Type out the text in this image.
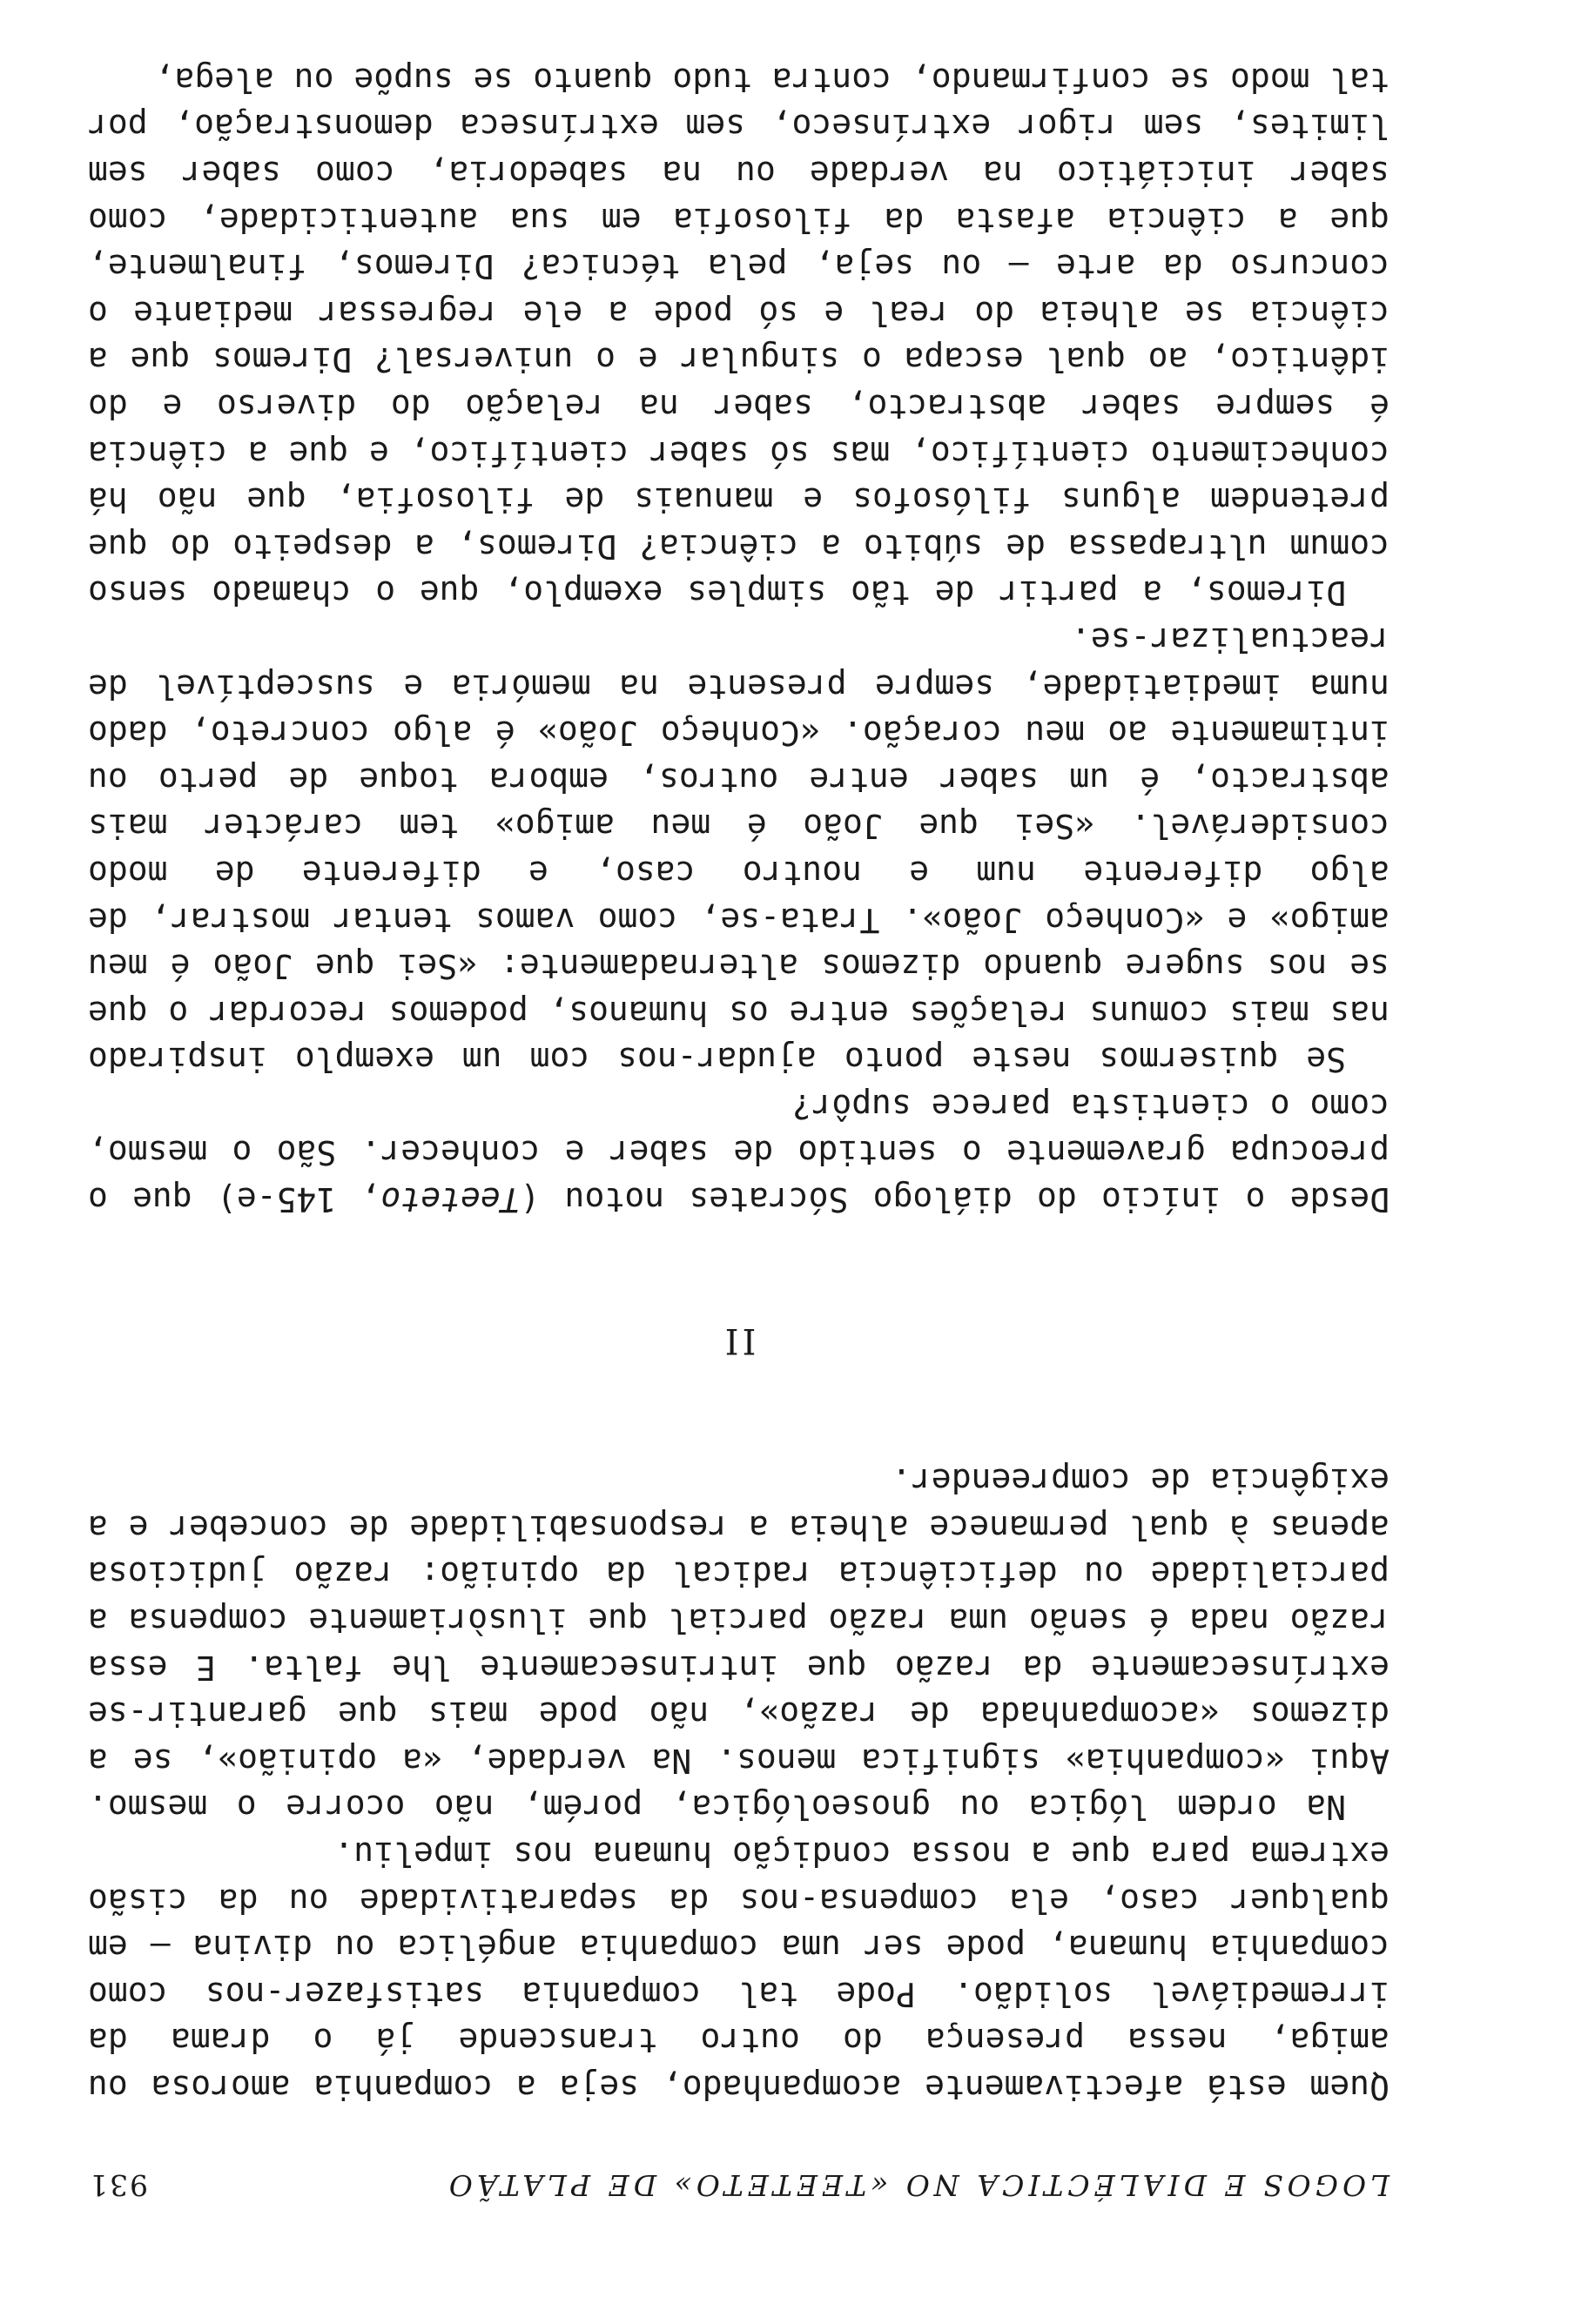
LOGOS E DIALÉCTICA NO «TEETETO» DE PLATÃO
931

Quem está afectivamente acompanhado, seja a companhia amorosa ou amiga, nessa presença do outro transcende já o drama da irremediável solidão. Pode tal companhia satisfazer-nos como companhia humana, pode ser uma companhia angélica ou divina — em qualquer caso, ela compensa-nos da separatividade ou da cisão extrema para que a nossa condição humana nos impeliu.

Na ordem lógica ou gnoseológica, porém, não ocorre o mesmo. Aqui «companhia» significa menos. Na verdade, «a opinião», se a dizemos «acompanhada de razão», não pode mais que garantir-se extrínsecamente da razão que intrinsecamente lhe falta. E essa razão nada é senão uma razão parcial que ilusòriamente compensa a parcialidade ou deficiência radical da opinião: razão judiciosa apenas à qual permanece alheia a responsabilidade de conceber e a exigência de compreender.

II

Desde o início do diálogo Sócrates notou (Teeteto, 145-e) que o preocupa gravemente o sentido de saber e conhecer. São o mesmo, como o cientista parece supôr?

Se quisermos neste ponto ajudar-nos com um exemplo inspirado nas mais comuns relações entre os humanos, podemos recordar o que se nos sugere quando dizemos alternadamente: «Sei que João é meu amigo» e «Conheço João». Trata-se, como vamos tentar mostrar, de algo diferente num e noutro caso, e diferente de modo considerável. «Sei que João é meu amigo» tem carácter mais abstracto, é um saber entre outros, embora toque de perto ou intimamente ao meu coração. «Conheço João» é algo concreto, dado numa imediatidade, sempre presente na memória e susceptível de reactualizar-se.

Diremos, a partir de tão simples exemplo, que o chamado senso comum ultrapassa de súbito a ciência? Diremos, a despeito do que pretendem alguns filósofos e manuais de filosofia, que não há conhecimento científico, mas só saber científico, e que a ciência é sempre saber abstracto, saber na relação do diverso e do idêntico, ao qual escapa o singular e o universal? Diremos que a ciência se alheia do real e só pode a ele regressar mediante o concurso da arte — ou seja, pela técnica? Diremos, finalmente, que a ciência afasta da filosofia em sua autenticidade, como saber iniciático na verdade ou na sabedoria, como saber sem limites, sem rigor extrínseco, sem extrínseca demonstração, por tal modo se confirmando, contra tudo quanto se supõe ou alega,
